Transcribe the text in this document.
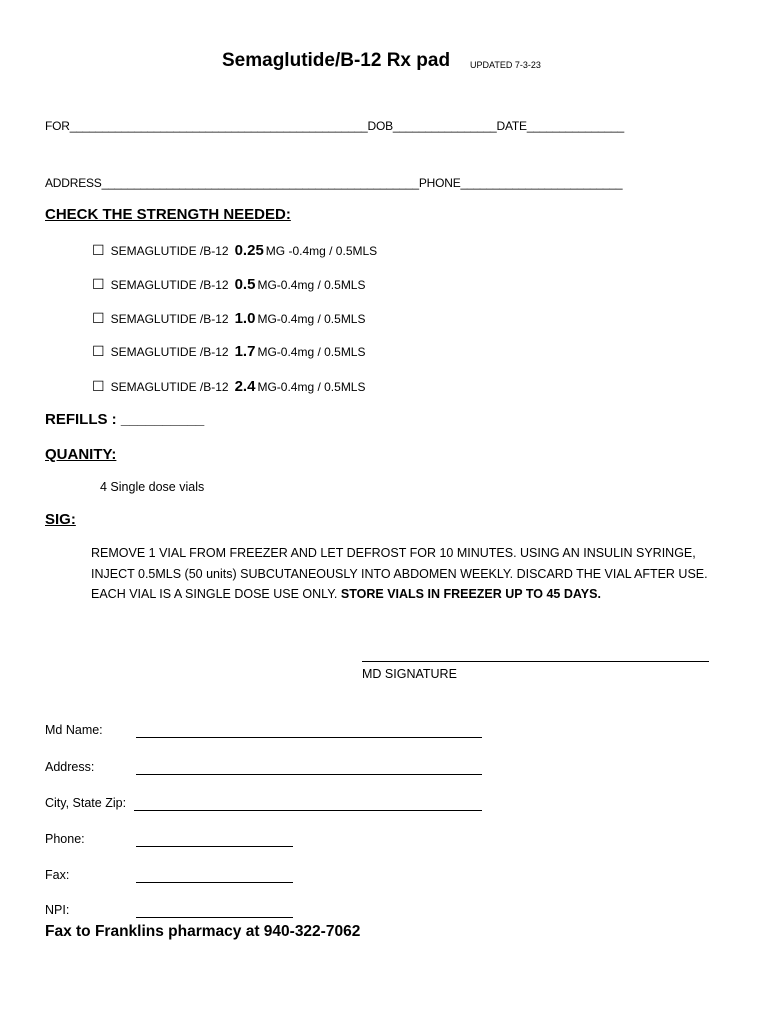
Semaglutide/B-12 Rx pad UPDATED 7-3-23
FOR______________________________________________DOB________________DATE_______________
ADDRESS_________________________________________________PHONE_________________________
CHECK THE STRENGTH NEEDED:
☐ SEMAGLUTIDE /B-12 0.25 MG -0.4mg / 0.5MLS
☐ SEMAGLUTIDE /B-12 0.5 MG-0.4mg / 0.5MLS
☐ SEMAGLUTIDE /B-12 1.0 MG-0.4mg / 0.5MLS
☐ SEMAGLUTIDE /B-12 1.7 MG-0.4mg / 0.5MLS
☐ SEMAGLUTIDE /B-12 2.4 MG-0.4mg / 0.5MLS
REFILLS : __________
QUANITY:
4 Single dose vials
SIG:
REMOVE 1 VIAL FROM FREEZER AND LET DEFROST FOR 10 MINUTES. USING AN INSULIN SYRINGE,
INJECT 0.5MLS (50 units) SUBCUTANEOUSLY INTO ABDOMEN WEEKLY. DISCARD THE VIAL AFTER USE.
EACH VIAL IS A SINGLE DOSE USE ONLY. STORE VIALS IN FREEZER UP TO 45 DAYS.
MD SIGNATURE
Md Name:
Address:
City, State Zip:
Phone:
Fax:
NPI:
Fax to Franklins pharmacy at 940-322-7062
